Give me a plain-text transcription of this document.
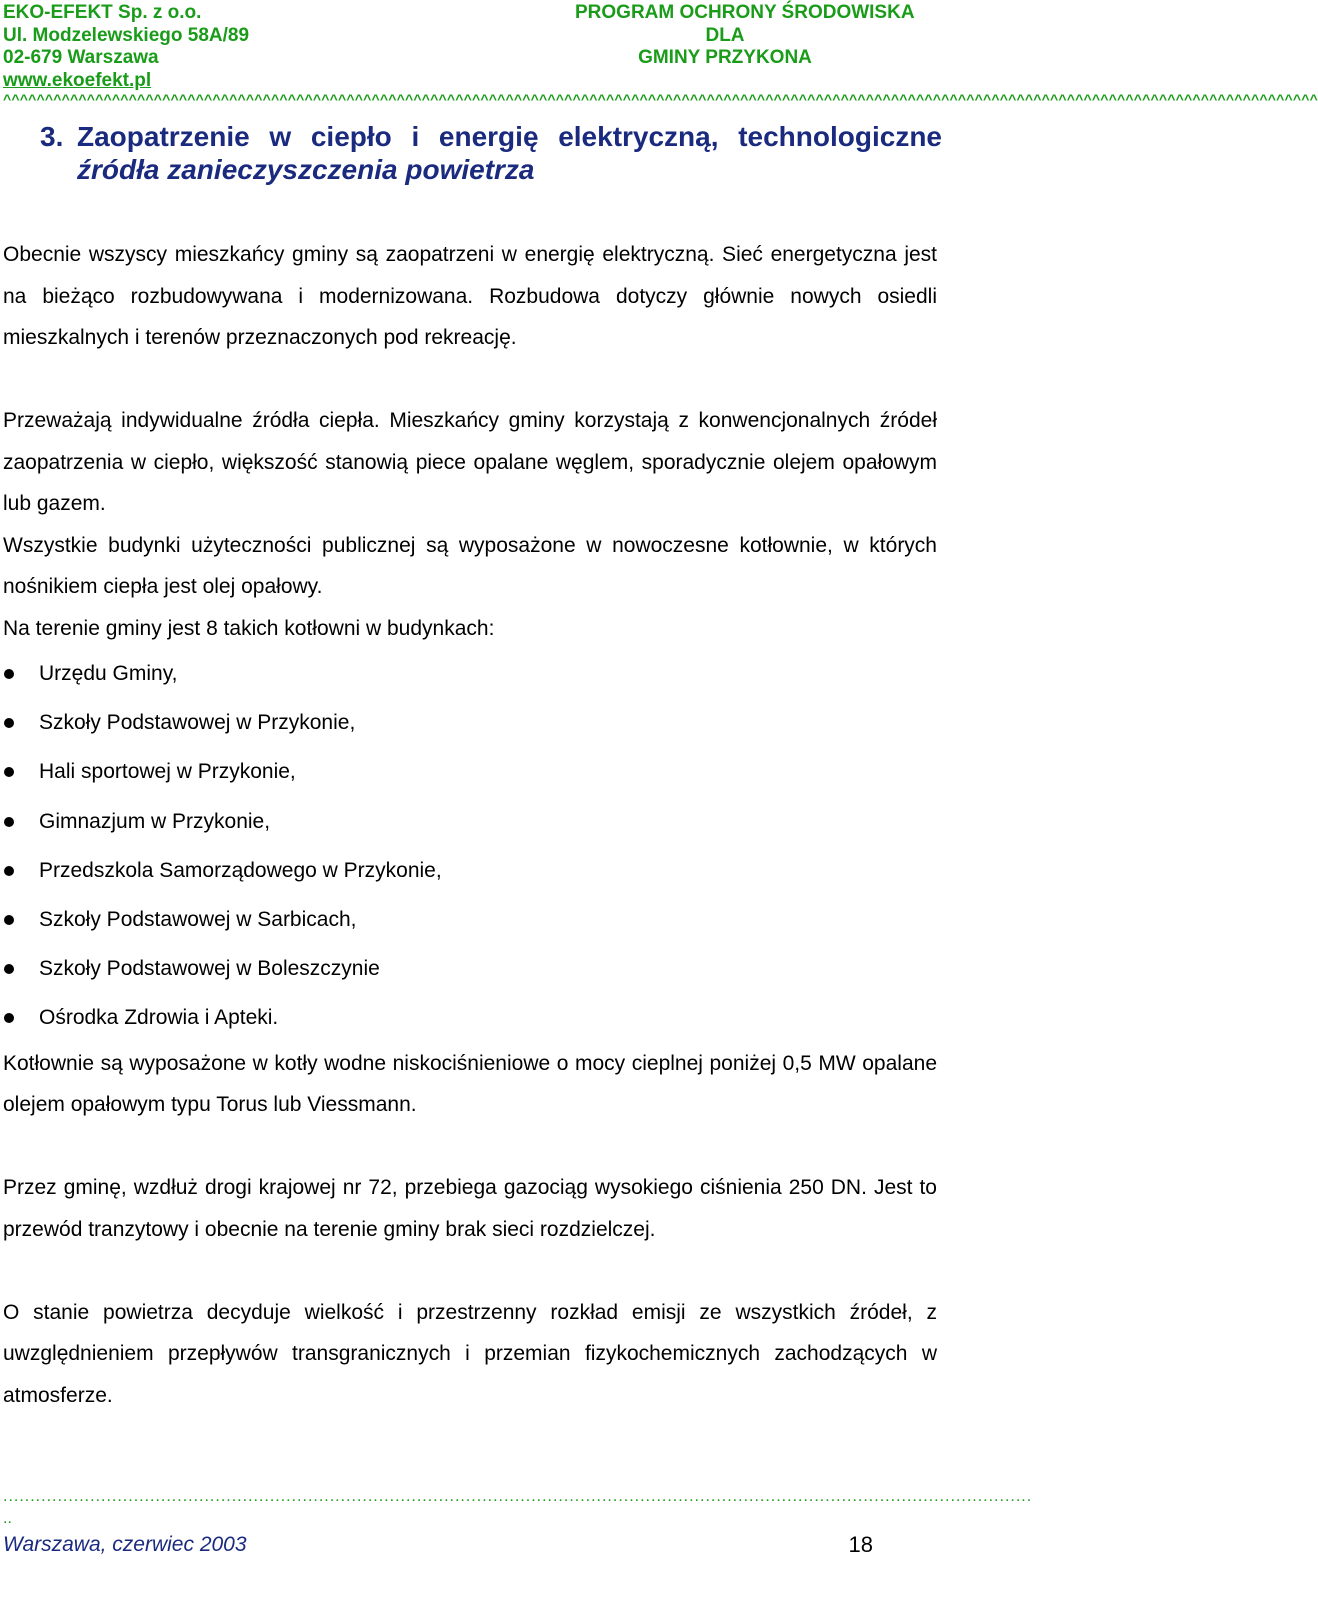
EKO-EFEKT Sp. z o.o.
Ul. Modzelewskiego 58A/89
02-679 Warszawa
www.ekoefekt.pl
PROGRAM OCHRONY ŚRODOWISKA
DLA
GMINY PRZYKONA
^^^^^^^^^^^^^^^^^^^^^^^^^^^^^^^^^^^^^^^^^^^^^^^^^^^^^^^^^^^^^^^^^^^^^^^^^^^^^^^^^^^^^^^^^^^^^^^^^^^^^^^^^^^^^^^^^^^^^^^^^^^^^^^^^^^^^^^^^^^^^^^^^^^^^^^^^^^^^
3. Zaopatrzenie w ciepło i energię elektryczną, technologiczne
źródła zanieczyszczenia powietrza

Obecnie wszyscy mieszkańcy gminy są zaopatrzeni w energię elektryczną. Sieć energetyczna jest na bieżąco rozbudowywana i modernizowana. Rozbudowa dotyczy głównie nowych osiedli mieszkalnych i terenów przeznaczonych pod rekreację.

Przeważają indywidualne źródła ciepła. Mieszkańcy gminy korzystają z konwencjonalnych źródeł zaopatrzenia w ciepło, większość stanowią piece opalane węglem, sporadycznie olejem opałowym lub gazem.

Wszystkie budynki użyteczności publicznej są wyposażone w nowoczesne kotłownie, w których nośnikiem ciepła jest olej opałowy.

Na terenie gminy jest 8 takich kotłowni w budynkach:

Urzędu Gminy,
Szkoły Podstawowej w Przykonie,
Hali sportowej w Przykonie,
Gimnazjum w Przykonie,
Przedszkola Samorządowego w Przykonie,
Szkoły Podstawowej w Sarbicach,
Szkoły Podstawowej w Boleszczynie
Ośrodka Zdrowia i Apteki.

Kotłownie są wyposażone w kotły wodne niskociśnieniowe o mocy cieplnej poniżej 0,5 MW opalane olejem opałowym typu Torus lub Viessmann.

Przez gminę, wzdłuż drogi krajowej nr 72, przebiega gazociąg wysokiego ciśnienia 250 DN. Jest to przewód tranzytowy i obecnie na terenie gminy brak sieci rozdzielczej.

O stanie powietrza decyduje wielkość i przestrzenny rozkład emisji ze wszystkich źródeł, z uwzględnieniem przepływów transgranicznych i przemian fizykochemicznych zachodzących w atmosferze.

.............................................................................................................................................................................................
..
Warszawa, czerwiec 2003	18
